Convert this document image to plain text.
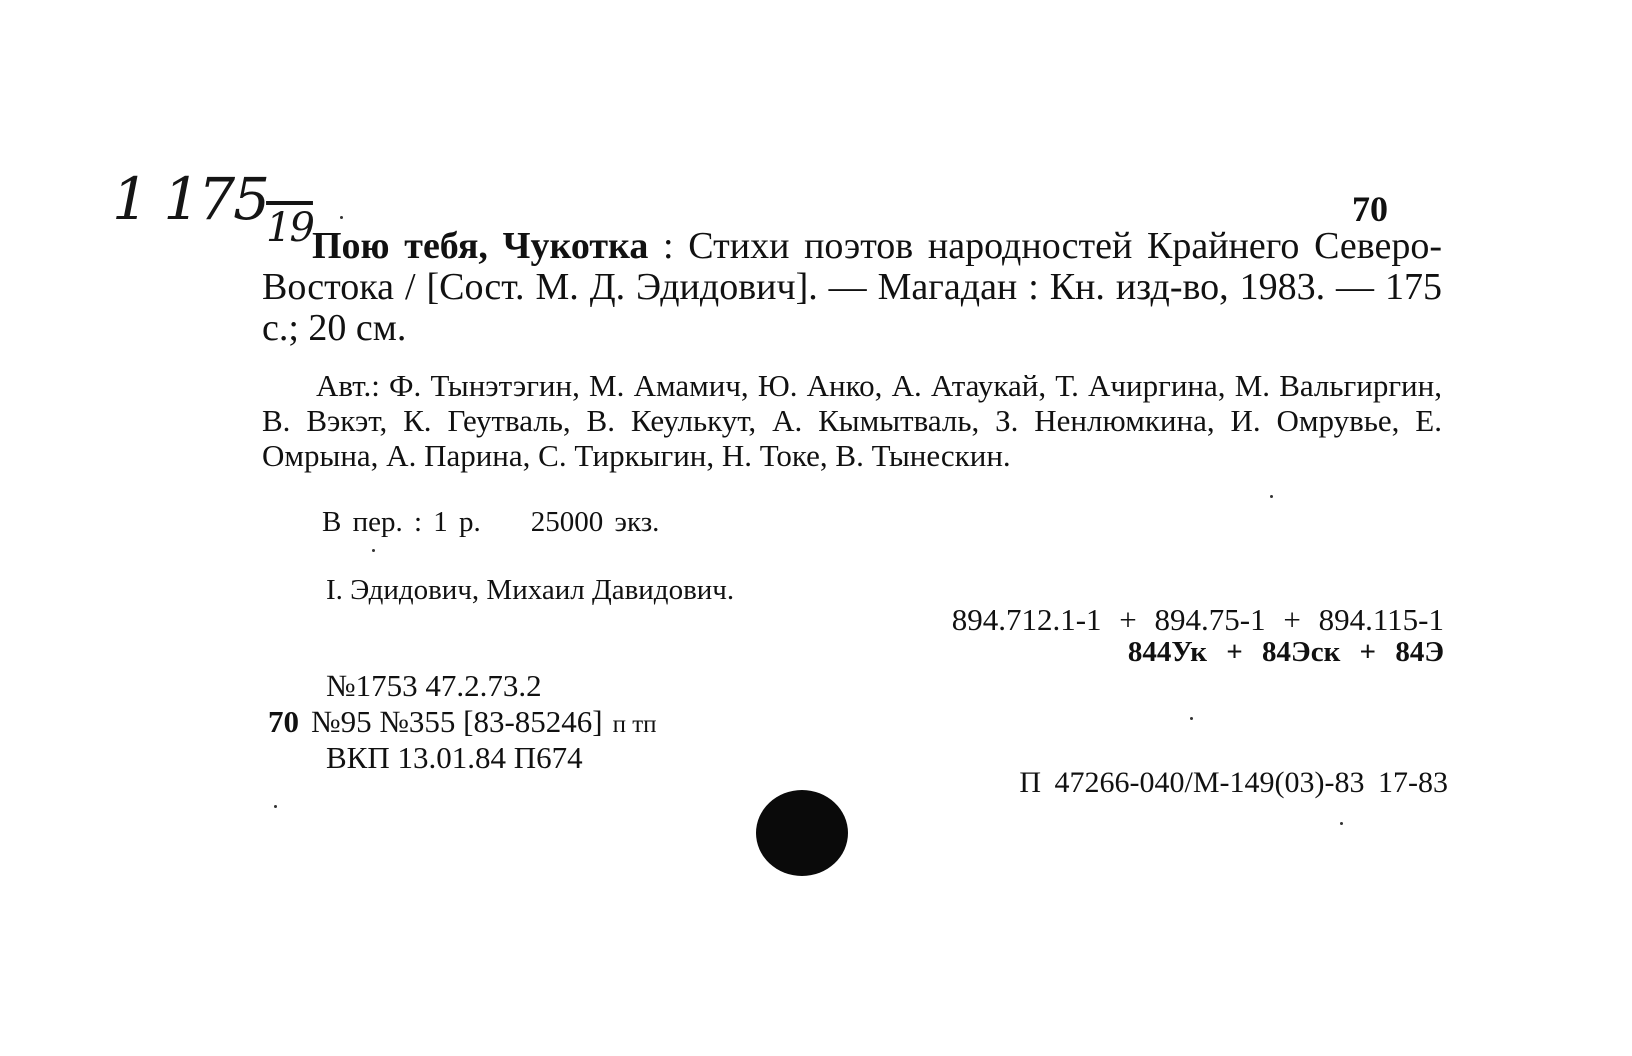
1 $175_{19}$	70
Пою тебя, Чукотка : Стихи поэтов народностей Крайнего Северо-Востока / [Сост. М. Д. Эдидович]. — Магадан : Кн. изд-во, 1983. — 175 с.; 20 см.
Авт.: Ф. Тынэтэгин, М. Амамич, Ю. Анко, А. Атаукай, Т. Ачиргина, М. Вальгиргин, В. Вэкэт, К. Геутваль, В. Кеулькут, А. Кымытваль, З. Ненлюмкина, И. Омрувье, Е. Омрына, А. Парина, С. Тиркыгин, Н. Токе, В. Тынескин.
В пер. : 1 р. 25000 экз.
I. Эдидович, Михаил Давидович.
894.712.1-1 + 894.75-1 + 894.115-1
844Ук + 84Эск + 84Э
№1753 47.2.73.2
70 №95 №355 [83-85246] п тп
ВКП 13.01.84 П674
П 47266-040/М-149(03)-83 17-83
